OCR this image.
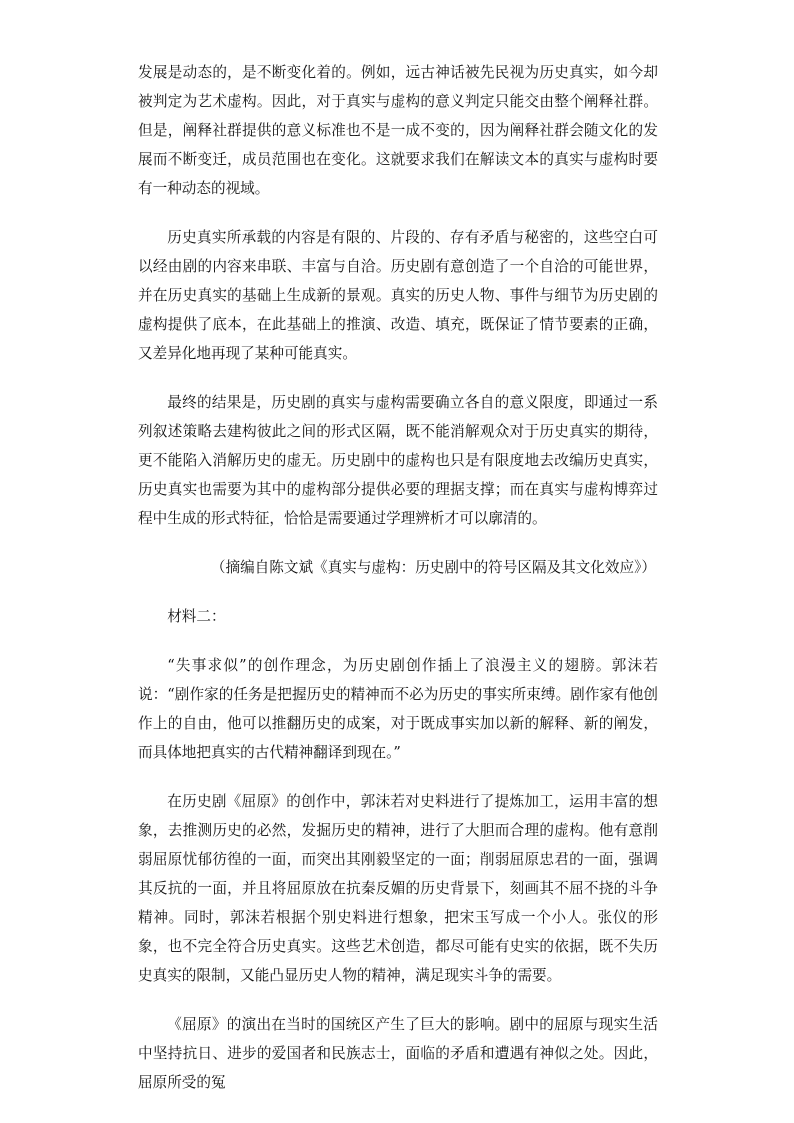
发展是动态的，是不断变化着的。例如，远古神话被先民视为历史真实，如今却被判定为艺术虚构。因此，对于真实与虚构的意义判定只能交由整个阐释社群。但是，阐释社群提供的意义标准也不是一成不变的，因为阐释社群会随文化的发展而不断变迁，成员范围也在变化。这就要求我们在解读文本的真实与虚构时要有一种动态的视域。

历史真实所承载的内容是有限的、片段的、存有矛盾与秘密的，这些空白可以经由剧的内容来串联、丰富与自洽。历史剧有意创造了一个自洽的可能世界，并在历史真实的基础上生成新的景观。真实的历史人物、事件与细节为历史剧的虚构提供了底本，在此基础上的推演、改造、填充，既保证了情节要素的正确，又差异化地再现了某种可能真实。

最终的结果是，历史剧的真实与虚构需要确立各自的意义限度，即通过一系列叙述策略去建构彼此之间的形式区隔，既不能消解观众对于历史真实的期待，更不能陷入消解历史的虚无。历史剧中的虚构也只是有限度地去改编历史真实，历史真实也需要为其中的虚构部分提供必要的理据支撑；而在真实与虚构博弈过程中生成的形式特征，恰恰是需要通过学理辨析才可以廓清的。

（摘编自陈文斌《真实与虚构：历史剧中的符号区隔及其文化效应》）

材料二：

“失事求似”的创作理念，为历史剧创作插上了浪漫主义的翅膀。郭沫若说：“剧作家的任务是把握历史的精神而不必为历史的事实所束缚。剧作家有他创作上的自由，他可以推翻历史的成案，对于既成事实加以新的解释、新的阐发，而具体地把真实的古代精神翻译到现在。”

在历史剧《屈原》的创作中，郭沫若对史料进行了提炼加工，运用丰富的想象，去推测历史的必然，发掘历史的精神，进行了大胆而合理的虚构。他有意削弱屈原忧郁彷徨的一面，而突出其刚毅坚定的一面；削弱屈原忠君的一面，强调其反抗的一面，并且将屈原放在抗秦反媚的历史背景下，刻画其不屈不挠的斗争精神。同时，郭沫若根据个别史料进行想象，把宋玉写成一个小人。张仪的形象，也不完全符合历史真实。这些艺术创造，都尽可能有史实的依据，既不失历史真实的限制，又能凸显历史人物的精神，满足现实斗争的需要。

《屈原》的演出在当时的国统区产生了巨大的影响。剧中的屈原与现实生活中坚持抗日、进步的爱国者和民族志士，面临的矛盾和遭遇有神似之处。因此，屈原所受的冤
